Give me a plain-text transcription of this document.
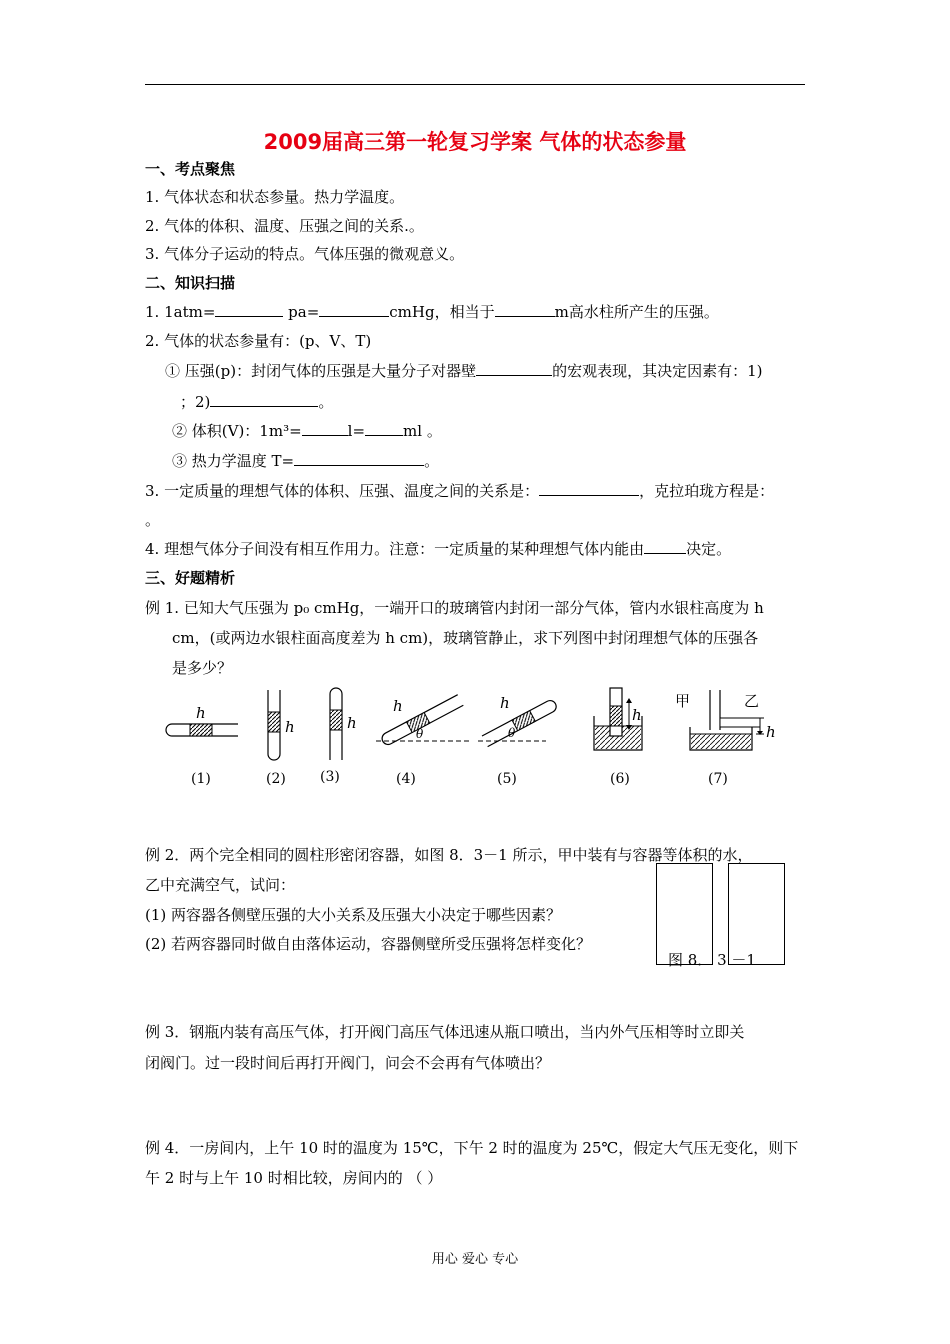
2009届高三第一轮复习学案 气体的状态参量
一、考点聚焦
1. 气体状态和状态参量。热力学温度。
2. 气体的体积、温度、压强之间的关系.。
3. 气体分子运动的特点。气体压强的微观意义。
二、知识扫描
1. 1atm=	pa=	cmHg，相当于	m高水柱所产生的压强。
2. 气体的状态参量有：(p、V、T)
① 压强(p)：封闭气体的压强是大量分子对器壁	的宏观表现，其决定因素有：1)
；2)	。
② 体积(V)：1m³=	l=	ml 。
③ 热力学温度 T=	。
3. 一定质量的理想气体的体积、压强、温度之间的关系是：	，克拉珀珑方程是：
。
4. 理想气体分子间没有相互作用力。注意：一定质量的某种理想气体内能由	决定。
三、好题精析
例 1. 已知大气压强为 p₀ cmHg，一端开口的玻璃管内封闭一部分气体，管内水银柱高度为 h
cm，(或两边水银柱面高度差为 h cm)，玻璃管静止，求下列图中封闭理想气体的压强各
是多少？
h
h	h
h
θ
h
θ
h
h
甲	乙
(1)	(2) (3)	(4)	(5)	(6)	(7)
例 2．两个完全相同的圆柱形密闭容器，如图 8．3－1 所示，甲中装有与容器等体积的水，
乙中充满空气，试问：
(1) 两容器各侧壁压强的大小关系及压强大小决定于哪些因素？
(2) 若两容器同时做自由落体运动，容器侧壁所受压强将怎样变化？
图 8． 3 －1
例 3．钢瓶内装有高压气体，打开阀门高压气体迅速从瓶口喷出，当内外气压相等时立即关
闭阀门。过一段时间后再打开阀门，问会不会再有气体喷出？
例 4．一房间内，上午 10 时的温度为 15℃，下午 2 时的温度为 25℃，假定大气压无变化，则下
午 2 时与上午 10 时相比较，房间内的 （ ）
用心 爱心 专心
